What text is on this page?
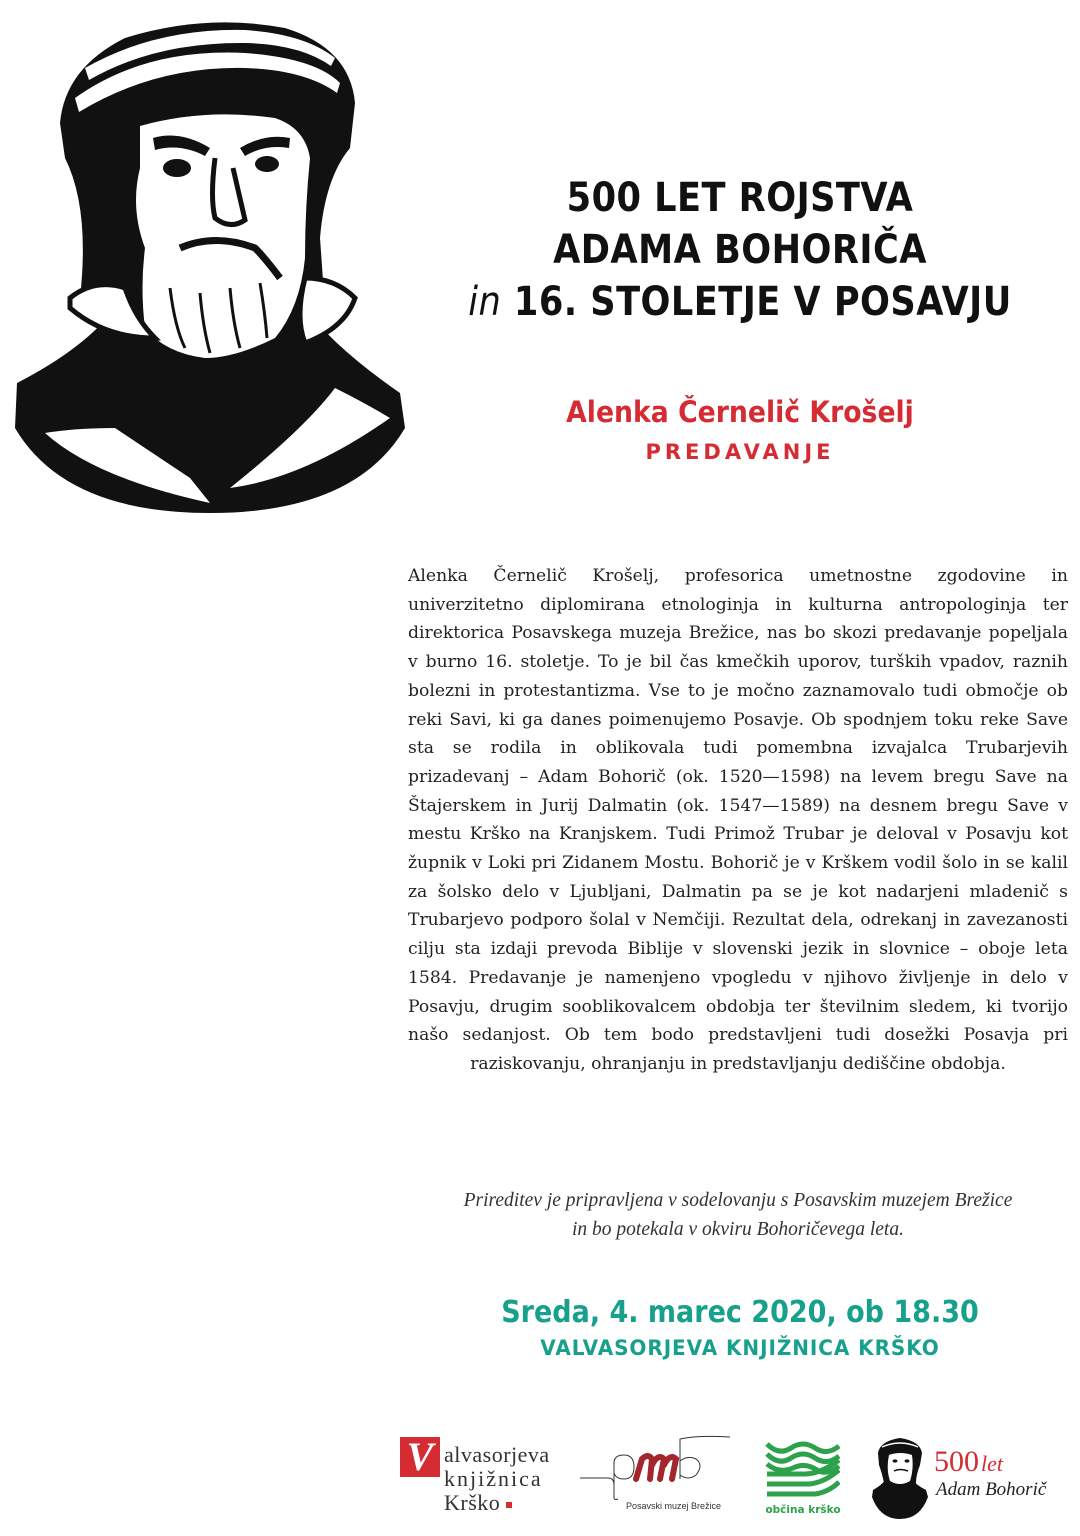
500 LET ROJSTVA
ADAMA BOHORIČA
in 16. STOLETJE V POSAVJU
Alenka Černelič Krošelj
PREDAVANJE
Alenka Černelič Krošelj, profesorica umetnostne zgodovine in univerzitetno diplomirana etnologinja in kulturna antropologinja ter direktorica Posavskega muzeja Brežice, nas bo skozi predavanje popeljala v burno 16. stoletje. To je bil čas kmečkih uporov, turških vpadov, raznih bolezni in protestantizma. Vse to je močno zaznamovalo tudi območje ob reki Savi, ki ga danes poimenujemo Posavje. Ob spodnjem toku reke Save sta se rodila in oblikovala tudi pomembna izvajalca Trubarjevih prizadevanj – Adam Bohorič (ok. 1520—1598) na levem bregu Save na Štajerskem in Jurij Dalmatin (ok. 1547—1589) na desnem bregu Save v mestu Krško na Kranjskem. Tudi Primož Trubar je deloval v Posavju kot župnik v Loki pri Zidanem Mostu. Bohorič je v Krškem vodil šolo in se kalil za šolsko delo v Ljubljani, Dalmatin pa se je kot nadarjeni mladenič s Trubarjevo podporo šolal v Nemčiji. Rezultat dela, odrekanj in zavezanosti cilju sta izdaji prevoda Biblije v slovenski jezik in slovnice – oboje leta 1584. Predavanje je namenjeno vpogledu v njihovo življenje in delo v Posavju, drugim sooblikovalcem obdobja ter številnim sledem, ki tvorijo našo sedanjost. Ob tem bodo predstavljeni tudi dosežki Posavja pri raziskovanju, ohranjanju in predstavljanju dediščine obdobja.
Prireditev je pripravljena v sodelovanju s Posavskim muzejem Brežice
in bo potekala v okviru Bohoričevega leta.
Sreda, 4. marec 2020, ob 18.30
VALVASORJEVA KNJIŽNICA KRŠKO
V alvasorjeva
knjižnica
Krško	Posavski muzej Brežice	občina krško
500let
Adam Bohorič
